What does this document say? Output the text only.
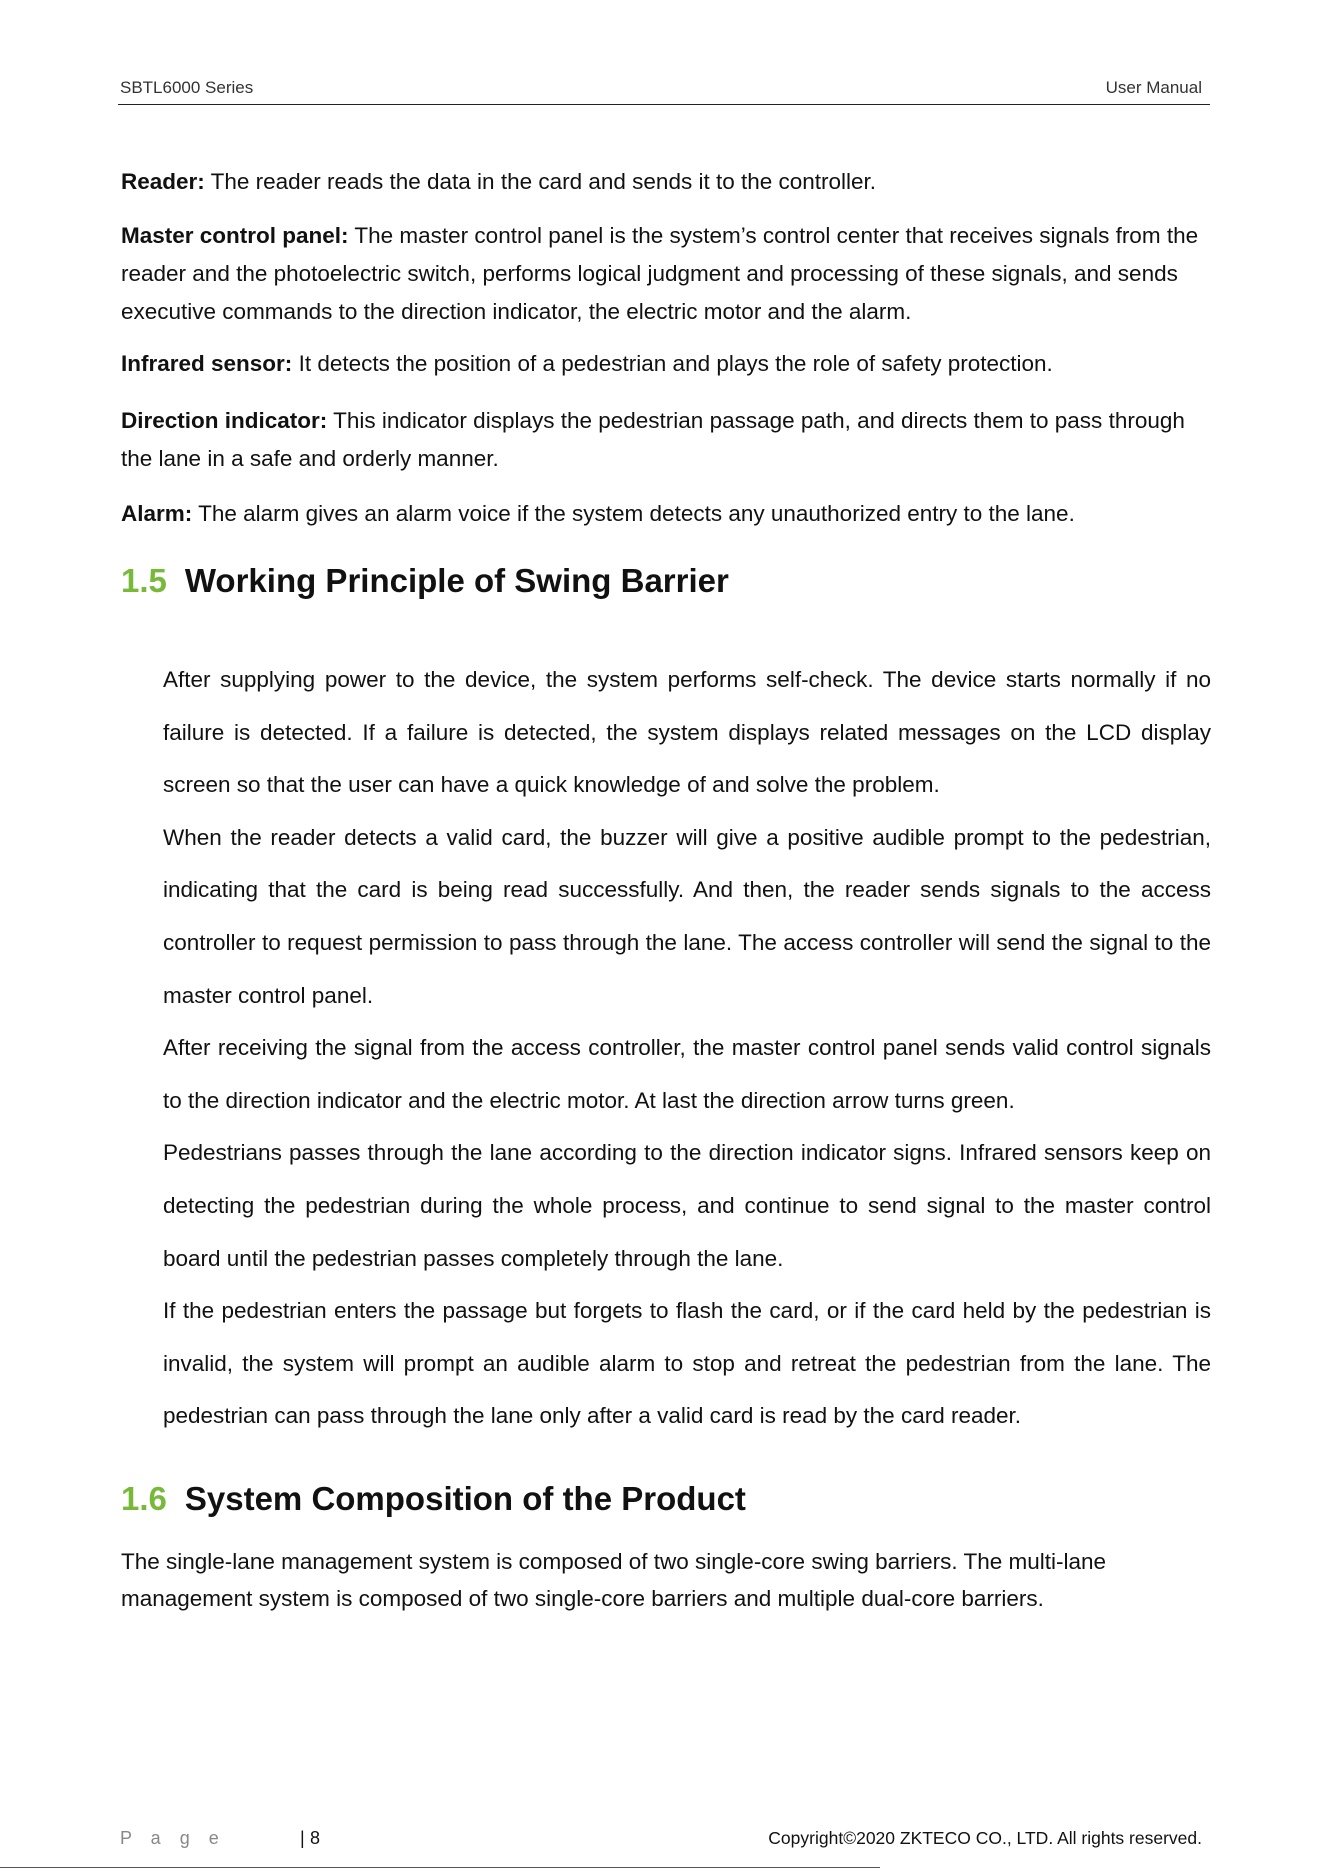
SBTL6000 Series	User Manual
Reader: The reader reads the data in the card and sends it to the controller.
Master control panel: The master control panel is the system’s control center that receives signals from the reader and the photoelectric switch, performs logical judgment and processing of these signals, and sends executive commands to the direction indicator, the electric motor and the alarm.
Infrared sensor: It detects the position of a pedestrian and plays the role of safety protection.
Direction indicator: This indicator displays the pedestrian passage path, and directs them to pass through the lane in a safe and orderly manner.
Alarm: The alarm gives an alarm voice if the system detects any unauthorized entry to the lane.
1.5 Working Principle of Swing Barrier

After supplying power to the device, the system performs self-check. The device starts normally if no failure is detected. If a failure is detected, the system displays related messages on the LCD display screen so that the user can have a quick knowledge of and solve the problem.

When the reader detects a valid card, the buzzer will give a positive audible prompt to the pedestrian, indicating that the card is being read successfully. And then, the reader sends signals to the access controller to request permission to pass through the lane. The access controller will send the signal to the master control panel.

After receiving the signal from the access controller, the master control panel sends valid control signals to the direction indicator and the electric motor. At last the direction arrow turns green.

Pedestrians passes through the lane according to the direction indicator signs. Infrared sensors keep on detecting the pedestrian during the whole process, and continue to send signal to the master control board until the pedestrian passes completely through the lane.

If the pedestrian enters the passage but forgets to flash the card, or if the card held by the pedestrian is invalid, the system will prompt an audible alarm to stop and retreat the pedestrian from the lane. The pedestrian can pass through the lane only after a valid card is read by the card reader.

1.6 System Composition of the Product
The single-lane management system is composed of two single-core swing barriers. The multi-lane management system is composed of two single-core barriers and multiple dual-core barriers.
P a g e	| 8	Copyright©2020 ZKTECO CO., LTD. All rights reserved.
